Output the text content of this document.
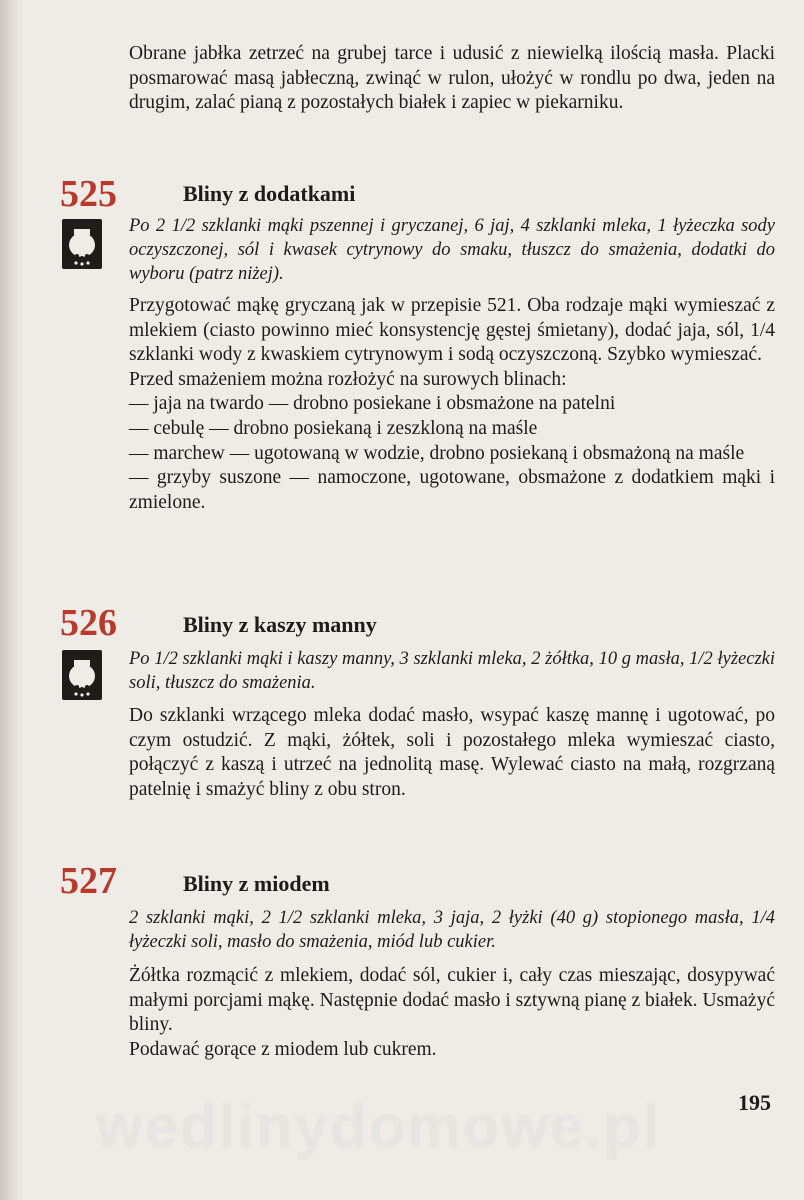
Obrane jabłka zetrzeć na grubej tarce i udusić z niewielką ilością masła. Placki posmarować masą jabłeczną, zwinąć w rulon, ułożyć w rondlu po dwa, jeden na drugim, zalać pianą z pozostałych białek i zapiec w piekarniku.

525	Bliny z dodatkami

Po 2 1/2 szklanki mąki pszennej i gryczanej, 6 jaj, 4 szklanki mleka, 1 łyżeczka sody oczyszczonej, sól i kwasek cytrynowy do smaku, tłuszcz do smażenia, dodatki do wyboru (patrz niżej).

Przygotować mąkę gryczaną jak w przepisie 521. Oba rodzaje mąki wymieszać z mlekiem (ciasto powinno mieć konsystencję gęstej śmietany), dodać jaja, sól, 1/4 szklanki wody z kwaskiem cytrynowym i sodą oczyszczoną. Szybko wymieszać.

Przed smażeniem można rozłożyć na surowych blinach:

— jaja na twardo — drobno posiekane i obsmażone na patelni

— cebulę — drobno posiekaną i zeszkloną na maśle

— marchew — ugotowaną w wodzie, drobno posiekaną i obsmażoną na maśle

— grzyby suszone — namoczone, ugotowane, obsmażone z dodatkiem mąki i zmielone.

526	Bliny z kaszy manny

Po 1/2 szklanki mąki i kaszy manny, 3 szklanki mleka, 2 żółtka, 10 g masła, 1/2 łyżeczki soli, tłuszcz do smażenia.

Do szklanki wrzącego mleka dodać masło, wsypać kaszę mannę i ugotować, po czym ostudzić. Z mąki, żółtek, soli i pozostałego mleka wymieszać ciasto, połączyć z kaszą i utrzeć na jednolitą masę. Wylewać ciasto na małą, rozgrzaną patelnię i smażyć bliny z obu stron.

527	Bliny z miodem

2 szklanki mąki, 2 1/2 szklanki mleka, 3 jaja, 2 łyżki (40 g) stopionego masła, 1/4 łyżeczki soli, masło do smażenia, miód lub cukier.

Żółtka rozmącić z mlekiem, dodać sól, cukier i, cały czas mieszając, dosypywać małymi porcjami mąkę. Następnie dodać masło i sztywną pianę z białek. Usmażyć bliny.

Podawać gorące z miodem lub cukrem.

195
wedlinydomowe.pl
